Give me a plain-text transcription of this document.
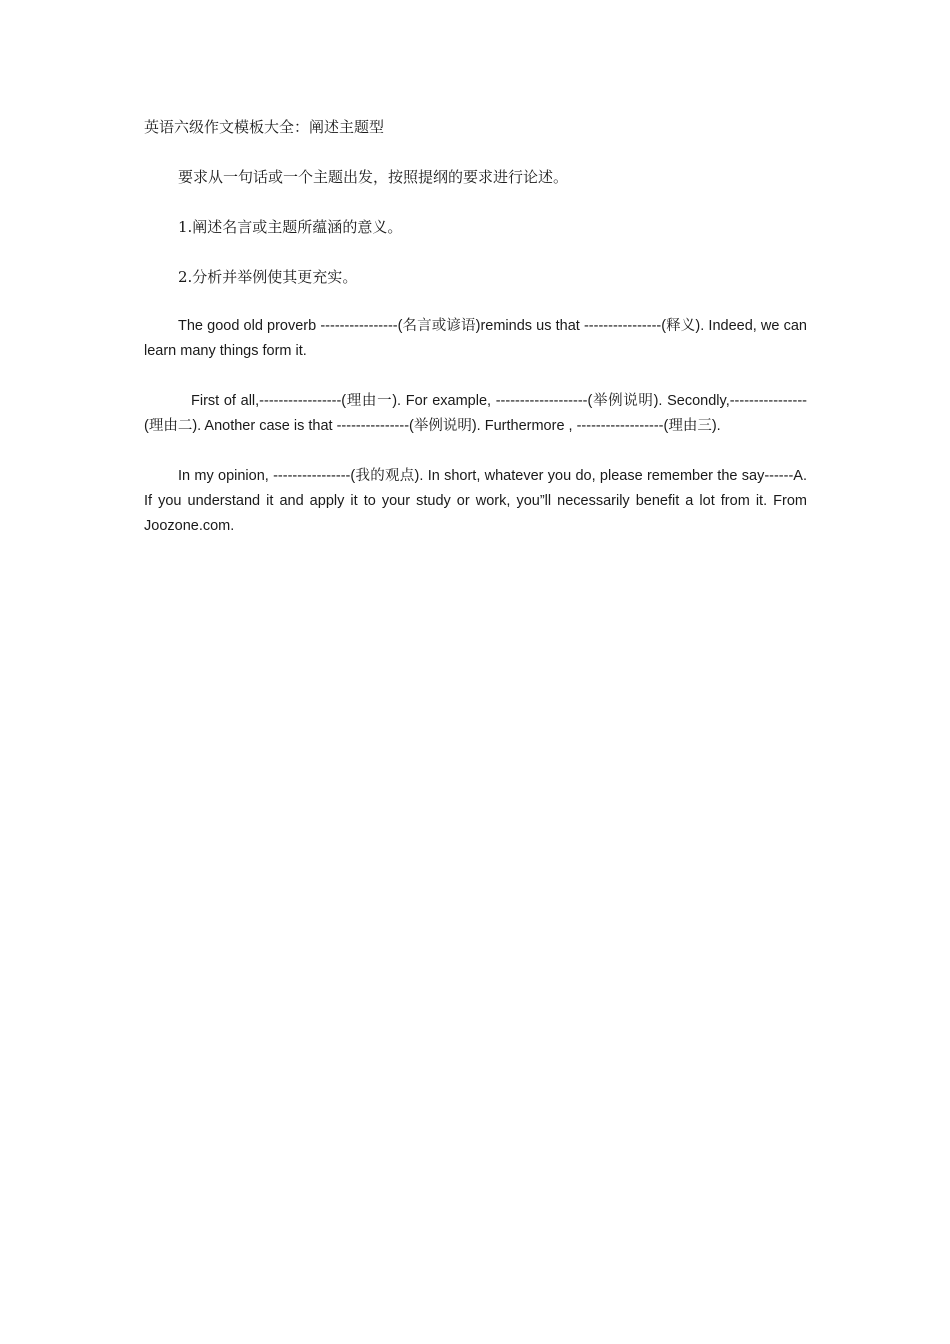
英语六级作文模板大全：阐述主题型

要求从一句话或一个主题出发，按照提纲的要求进行论述。

1.阐述名言或主题所蕴涵的意义。

2.分析并举例使其更充实。

The good old proverb ----------------(名言或谚语)reminds us that ----------------(释义). Indeed, we can learn many things form it.

First of all,-----------------(理由一). For example, -------------------(举例说明). Secondly,----------------(理由二). Another case is that ---------------(举例说明). Furthermore , ------------------(理由三).

In my opinion, ----------------(我的观点). In short, whatever you do, please remember the say------A. If you understand it and apply it to your study or work, you”ll necessarily benefit a lot from it. From Joozone.com.
